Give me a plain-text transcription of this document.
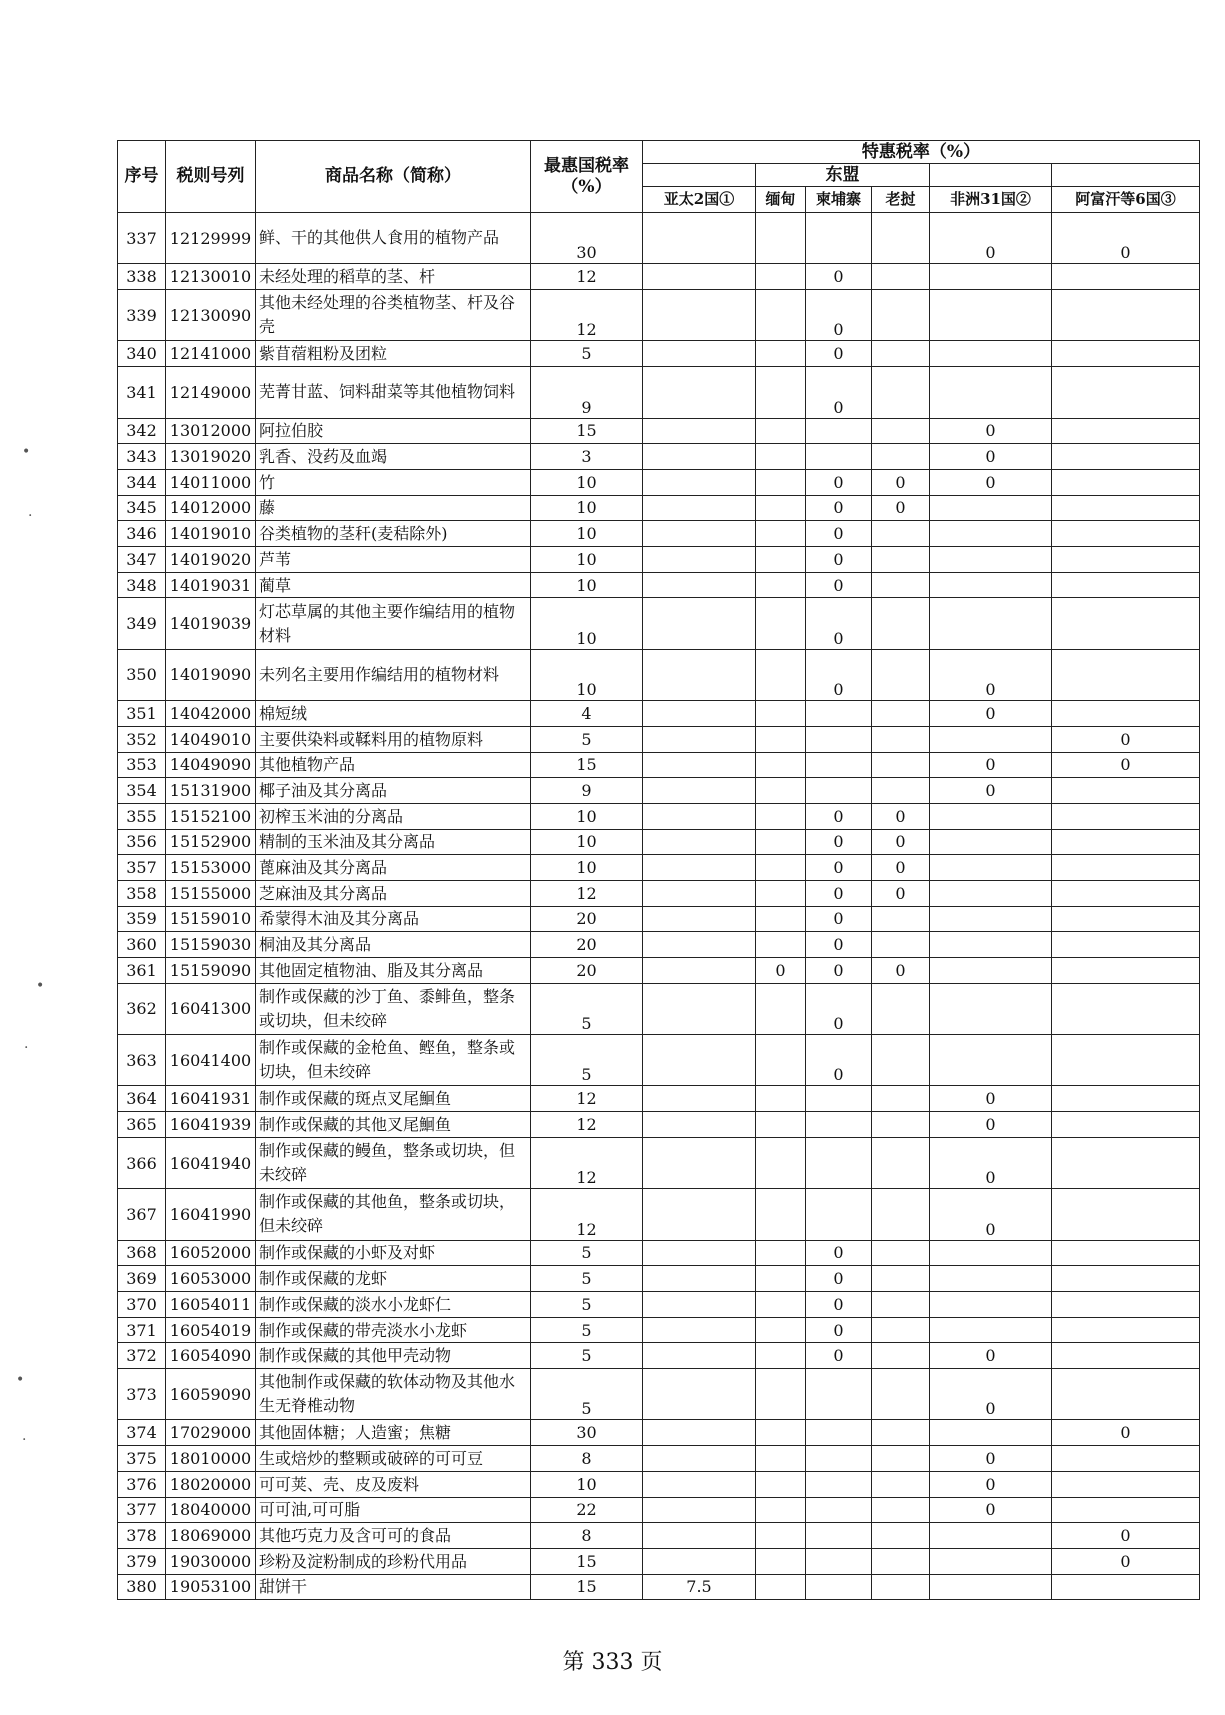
序号	税则号列	商品名称（简称）	最惠国税率（%）	特惠税率（%）					
					东盟				
				亚太2国①	缅甸	柬埔寨	老挝	非洲31国②	阿富汗等6国③
337	12129999	鲜、干的其他供人食用的植物产品	30					0	0
338	12130010	未经处理的稻草的茎、杆	12			0			
339	12130090	其他未经处理的谷类植物茎、杆及谷壳	12			0			
340	12141000	紫苜蓿粗粉及团粒	5			0			
341	12149000	芜菁甘蓝、饲料甜菜等其他植物饲料	9			0			
342	13012000	阿拉伯胶	15					0	
343	13019020	乳香、没药及血竭	3					0	
344	14011000	竹	10			0	0	0	
345	14012000	藤	10			0	0		
346	14019010	谷类植物的茎秆(麦秸除外)	10			0			
347	14019020	芦苇	10			0			
348	14019031	蔺草	10			0			
349	14019039	灯芯草属的其他主要作编结用的植物材料	10			0			
350	14019090	未列名主要用作编结用的植物材料	10			0		0	
351	14042000	棉短绒	4					0	
352	14049010	主要供染料或鞣料用的植物原料	5						0
353	14049090	其他植物产品	15					0	0
354	15131900	椰子油及其分离品	9					0	
355	15152100	初榨玉米油的分离品	10			0	0		
356	15152900	精制的玉米油及其分离品	10			0	0		
357	15153000	蓖麻油及其分离品	10			0	0		
358	15155000	芝麻油及其分离品	12			0	0		
359	15159010	希蒙得木油及其分离品	20			0			
360	15159030	桐油及其分离品	20			0			
361	15159090	其他固定植物油、脂及其分离品	20		0	0	0		
362	16041300	制作或保藏的沙丁鱼、黍鲱鱼，整条或切块，但未绞碎	5			0			
363	16041400	制作或保藏的金枪鱼、鲣鱼，整条或切块，但未绞碎	5			0			
364	16041931	制作或保藏的斑点叉尾鮰鱼	12					0	
365	16041939	制作或保藏的其他叉尾鮰鱼	12					0	
366	16041940	制作或保藏的鳗鱼，整条或切块，但未绞碎	12					0	
367	16041990	制作或保藏的其他鱼，整条或切块，但未绞碎	12					0	
368	16052000	制作或保藏的小虾及对虾	5			0			
369	16053000	制作或保藏的龙虾	5			0			
370	16054011	制作或保藏的淡水小龙虾仁	5			0			
371	16054019	制作或保藏的带壳淡水小龙虾	5			0			
372	16054090	制作或保藏的其他甲壳动物	5			0		0	
373	16059090	其他制作或保藏的软体动物及其他水生无脊椎动物	5					0	
374	17029000	其他固体糖；人造蜜；焦糖	30						0
375	18010000	生或焙炒的整颗或破碎的可可豆	8					0	
376	18020000	可可荚、壳、皮及废料	10					0	
377	18040000	可可油,可可脂	22					0	
378	18069000	其他巧克力及含可可的食品	8						0
379	19030000	珍粉及淀粉制成的珍粉代用品	15						0
380	19053100	甜饼干	15	7.5					
第 333 页
•
·
•
·
•
·
